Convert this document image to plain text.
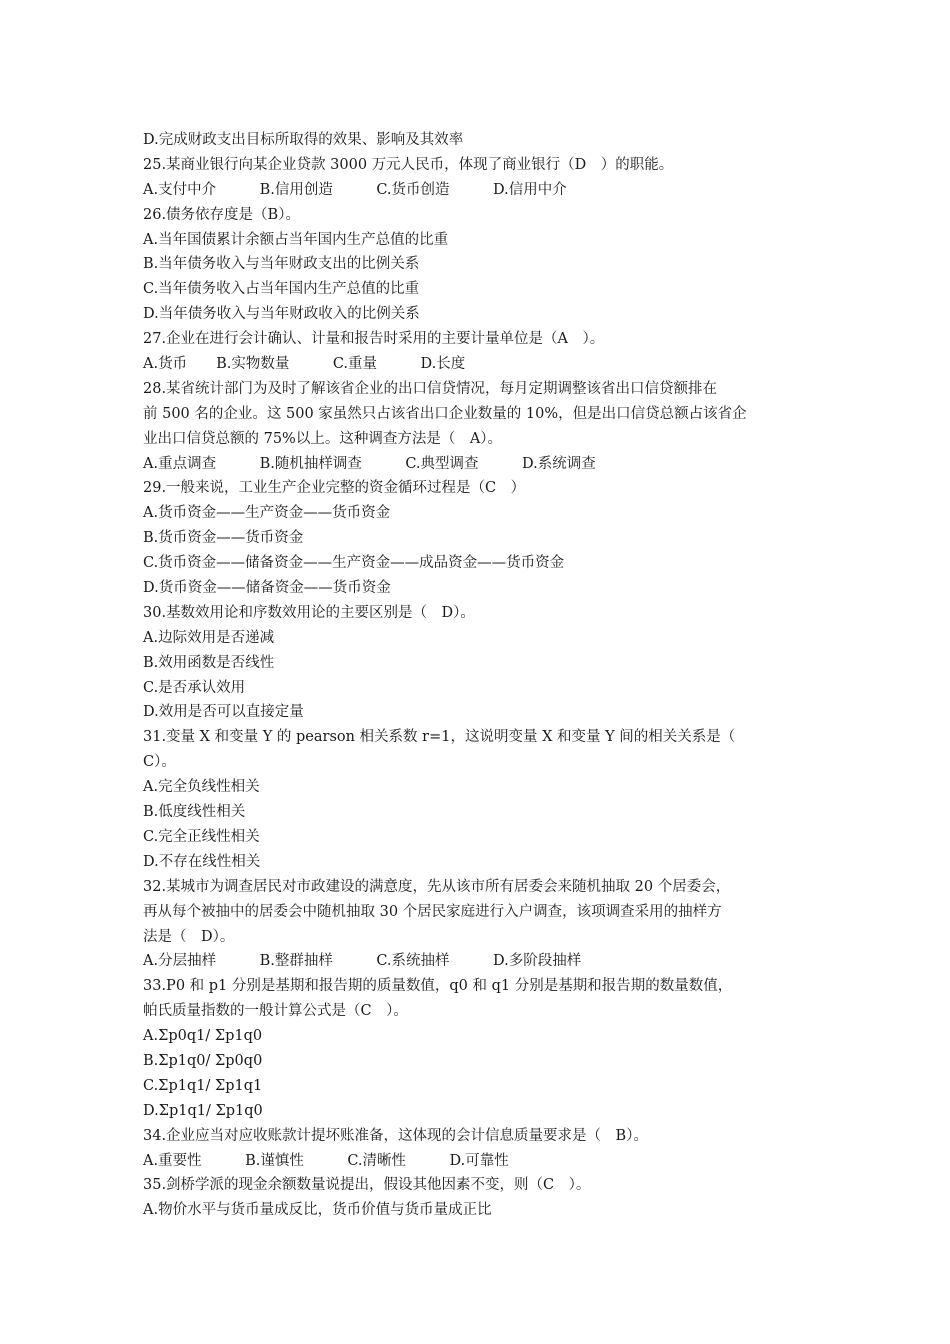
D.完成财政支出目标所取得的效果、影响及其效率
25.某商业银行向某企业贷款 3000 万元人民币，体现了商业银行（D　）的职能。
A.支付中介　　　B.信用创造　　　C.货币创造　　　D.信用中介
26.债务依存度是（B）。
A.当年国债累计余额占当年国内生产总值的比重
B.当年债务收入与当年财政支出的比例关系
C.当年债务收入占当年国内生产总值的比重
D.当年债务收入与当年财政收入的比例关系
27.企业在进行会计确认、计量和报告时采用的主要计量单位是（A　）。
A.货币　　B.实物数量　　　C.重量　　　D.长度
28.某省统计部门为及时了解该省企业的出口信贷情况，每月定期调整该省出口信贷额排在
前 500 名的企业。这 500 家虽然只占该省出口企业数量的 10%，但是出口信贷总额占该省企
业出口信贷总额的 75%以上。这种调查方法是（　A）。
A.重点调查　　　B.随机抽样调查　　　C.典型调查　　　D.系统调查
29.一般来说，工业生产企业完整的资金循环过程是（C　）
A.货币资金——生产资金——货币资金
B.货币资金——货币资金
C.货币资金——储备资金——生产资金——成品资金——货币资金
D.货币资金——储备资金——货币资金
30.基数效用论和序数效用论的主要区别是（　D）。
A.边际效用是否递减
B.效用函数是否线性
C.是否承认效用
D.效用是否可以直接定量
31.变量 X 和变量 Y 的 pearson 相关系数 r=1，这说明变量 X 和变量 Y 间的相关关系是（
C）。
A.完全负线性相关
B.低度线性相关
C.完全正线性相关
D.不存在线性相关
32.某城市为调查居民对市政建设的满意度，先从该市所有居委会来随机抽取 20 个居委会，
再从每个被抽中的居委会中随机抽取 30 个居民家庭进行入户调查，该项调查采用的抽样方
法是（　D）。
A.分层抽样　　　B.整群抽样　　　C.系统抽样　　　D.多阶段抽样
33.P0 和 p1 分别是基期和报告期的质量数值，q0 和 q1 分别是基期和报告期的数量数值，
帕氏质量指数的一般计算公式是（C　）。
A.Σp0q1/ Σp1q0
B.Σp1q0/ Σp0q0
C.Σp1q1/ Σp1q1
D.Σp1q1/ Σp1q0
34.企业应当对应收账款计提坏账准备，这体现的会计信息质量要求是（　B）。
A.重要性　　　B.谨慎性　　　C.清晰性　　　D.可靠性
35.剑桥学派的现金余额数量说提出，假设其他因素不变，则（C　）。
A.物价水平与货币量成反比，货币价值与货币量成正比
